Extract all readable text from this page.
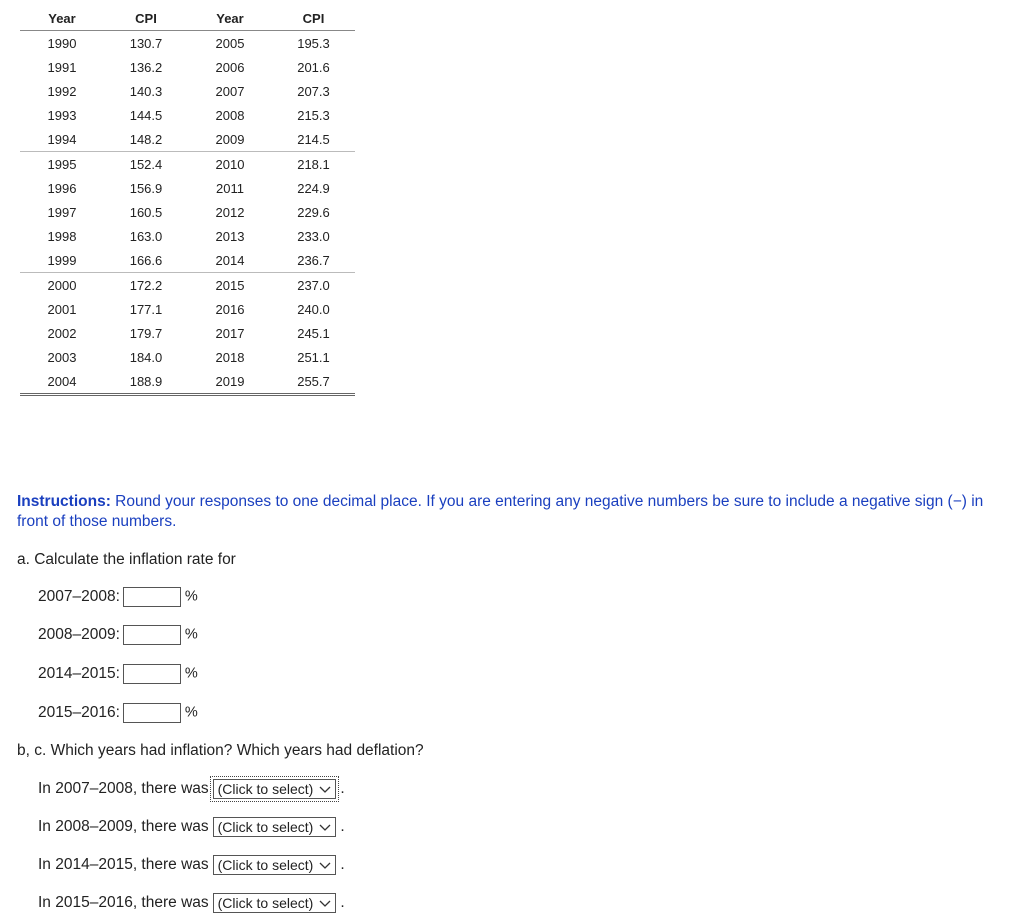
Year	CPI	Year	CPI
1990	130.7	2005	195.3
1991	136.2	2006	201.6
1992	140.3	2007	207.3
1993	144.5	2008	215.3
1994	148.2	2009	214.5
1995	152.4	2010	218.1
1996	156.9	2011	224.9
1997	160.5	2012	229.6
1998	163.0	2013	233.0
1999	166.6	2014	236.7
2000	172.2	2015	237.0
2001	177.1	2016	240.0
2002	179.7	2017	245.1
2003	184.0	2018	251.1
2004	188.9	2019	255.7
Instructions: Round your responses to one decimal place. If you are entering any negative numbers be sure to include a negative sign (−) in front of those numbers.
a. Calculate the inflation rate for
2007–2008:	%
2008–2009:	%
2014–2015:	%
2015–2016:	%
b, c. Which years had inflation? Which years had deflation?
In 2007–2008, there was (Click to select) .
In 2008–2009, there was (Click to select) .
In 2014–2015, there was (Click to select) .
In 2015–2016, there was (Click to select) .
